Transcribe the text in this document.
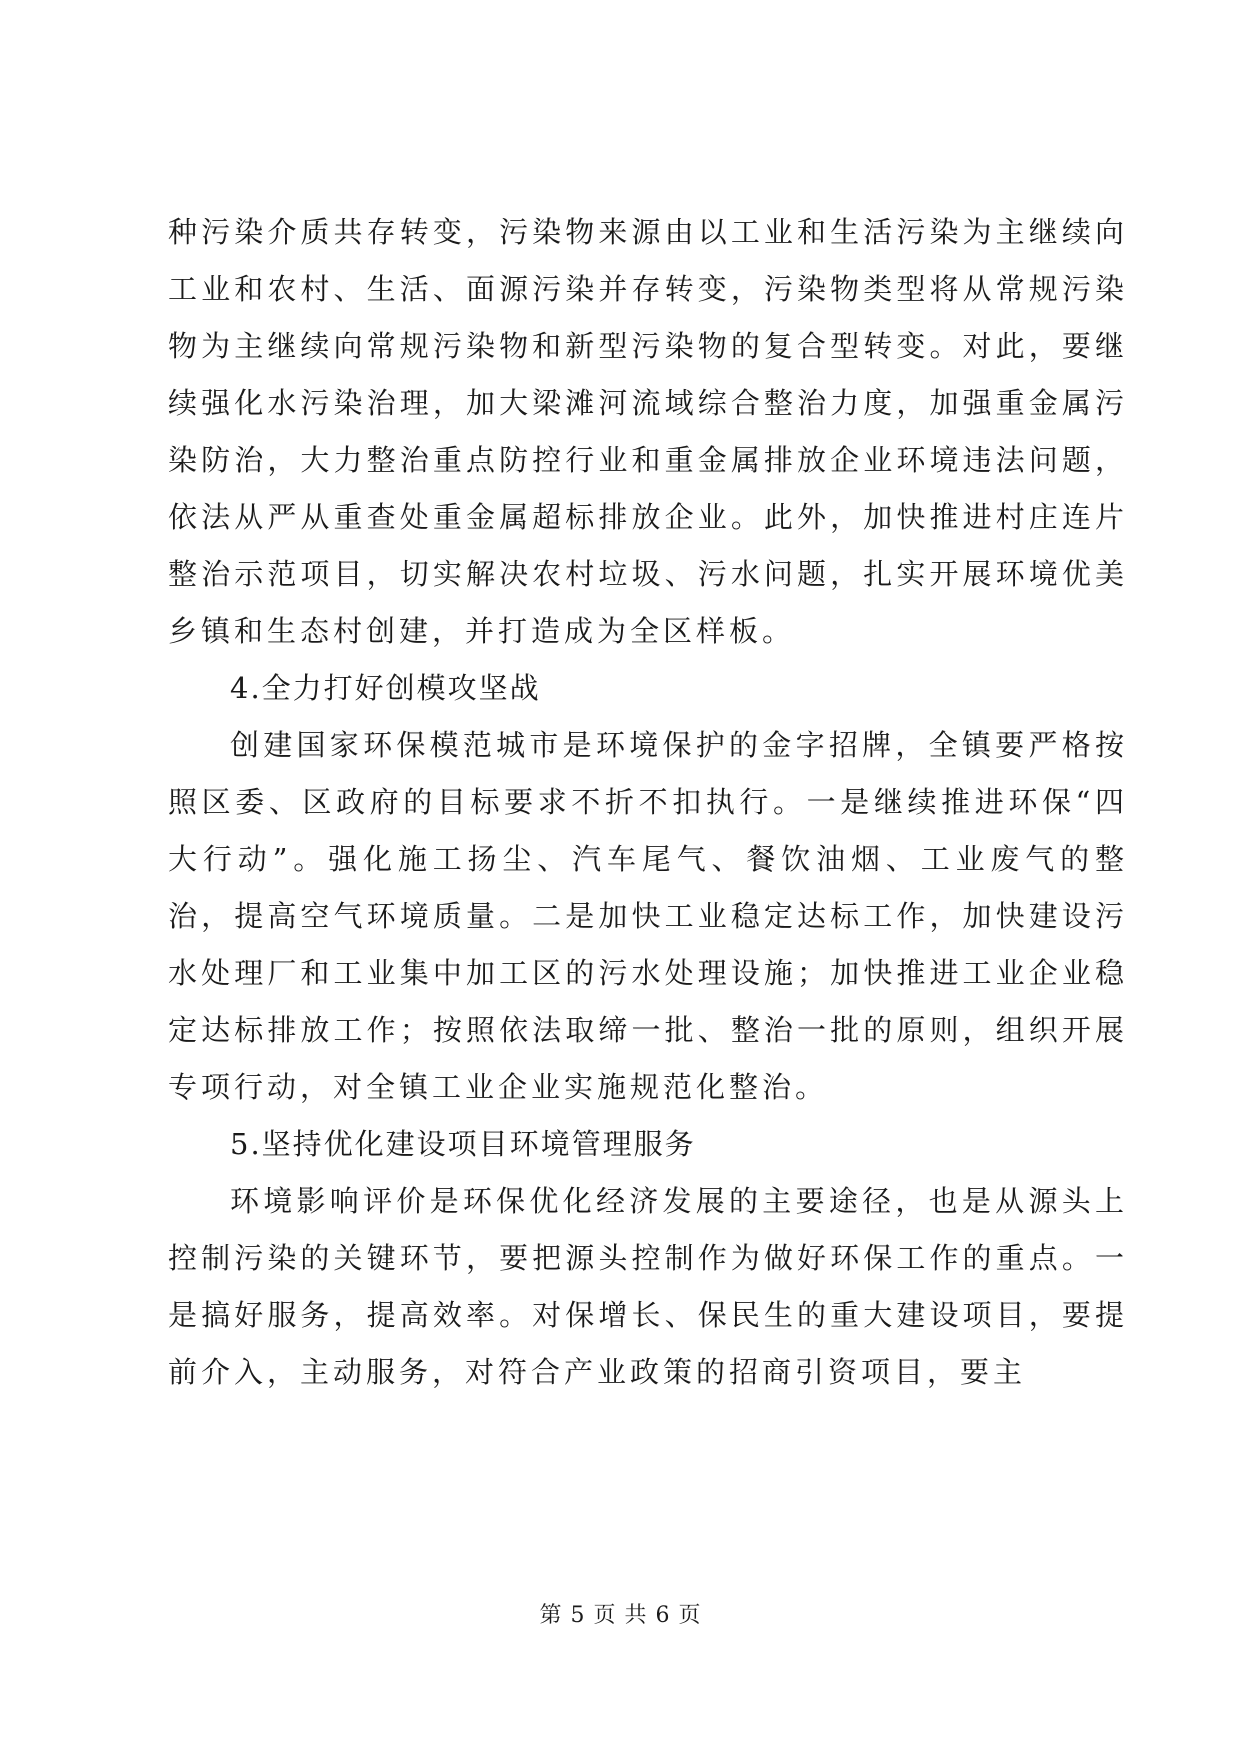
种污染介质共存转变，污染物来源由以工业和生活污染为主继续向工业和农村、生活、面源污染并存转变，污染物类型将从常规污染物为主继续向常规污染物和新型污染物的复合型转变。对此，要继续强化水污染治理，加大梁滩河流域综合整治力度，加强重金属污染防治，大力整治重点防控行业和重金属排放企业环境违法问题，依法从严从重查处重金属超标排放企业。此外，加快推进村庄连片整治示范项目，切实解决农村垃圾、污水问题，扎实开展环境优美乡镇和生态村创建，并打造成为全区样板。

4.全力打好创模攻坚战

创建国家环保模范城市是环境保护的金字招牌，全镇要严格按照区委、区政府的目标要求不折不扣执行。一是继续推进环保“四大行动”。强化施工扬尘、汽车尾气、餐饮油烟、工业废气的整治，提高空气环境质量。二是加快工业稳定达标工作，加快建设污水处理厂和工业集中加工区的污水处理设施；加快推进工业企业稳定达标排放工作；按照依法取缔一批、整治一批的原则，组织开展专项行动，对全镇工业企业实施规范化整治。

5.坚持优化建设项目环境管理服务

环境影响评价是环保优化经济发展的主要途径，也是从源头上控制污染的关键环节，要把源头控制作为做好环保工作的重点。一是搞好服务，提高效率。对保增长、保民生的重大建设项目，要提前介入，主动服务，对符合产业政策的招商引资项目，要主

第 5 页 共 6 页
